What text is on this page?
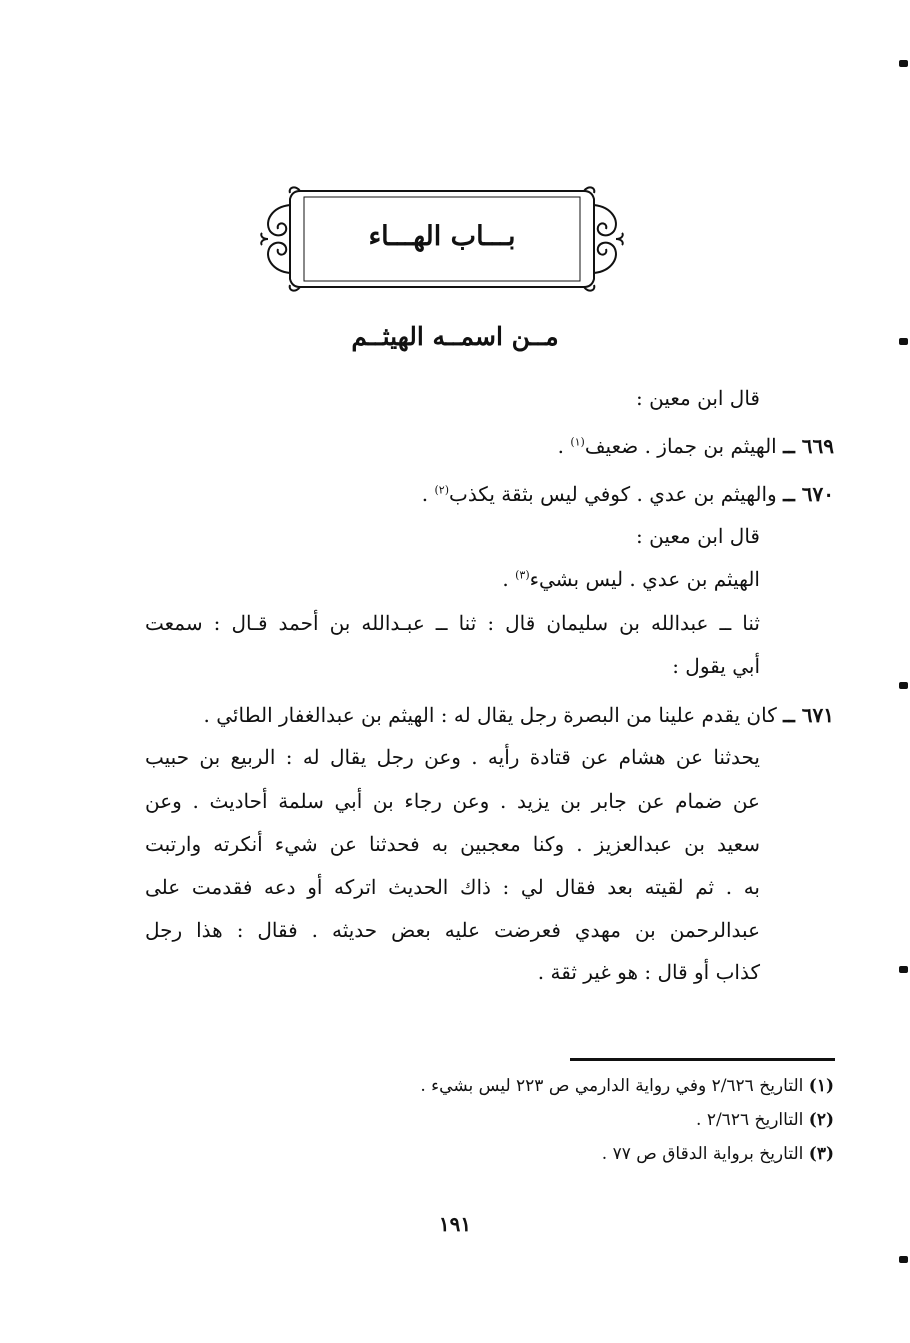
بـــاب الهـــاء
مــن اسمــه الهيثــم
قال ابن معين :
٦٦٩ ــ الهيثم بن جماز . ضعيف$^{(١)}$ .
٦٧٠ ــ والهيثم بن عدي . كوفي ليس بثقة يكذب$^{(٢)}$ .
قال ابن معين :
الهيثم بن عدي . ليس بشيء$^{(٣)}$ .
ثنا ــ عبدالله بن سليمان قال : ثنا ــ عبـدالله بن أحمد قـال : سمعت
أبي يقول :
٦٧١ ــ كان يقدم علينا من البصرة رجل يقال له : الهيثم بن عبدالغفار الطائي .
يحدثنا عن هشام عن قتادة رأيه . وعن رجل يقال له : الربيع بن حبيب
عن ضمام عن جابر بن يزيد . وعن رجاء بن أبي سلمة أحاديث . وعن
سعيد بن عبدالعزيز . وكنا معجبين به فحدثنا عن شيء أنكرته وارتبت
به . ثم لقيته بعد فقال لي : ذاك الحديث اتركه أو دعه فقدمت على
عبدالرحمن بن مهدي فعرضت عليه بعض حديثه . فقال : هذا رجل
كذاب أو قال : هو غير ثقة .
(١) التاريخ ٢/٦٢٦ وفي رواية الدارمي ص ٢٢٣ ليس بشيء .
(٢) التااريخ ٢/٦٢٦ .
(٣) التاريخ برواية الدقاق ص ٧٧ .
١٩١
